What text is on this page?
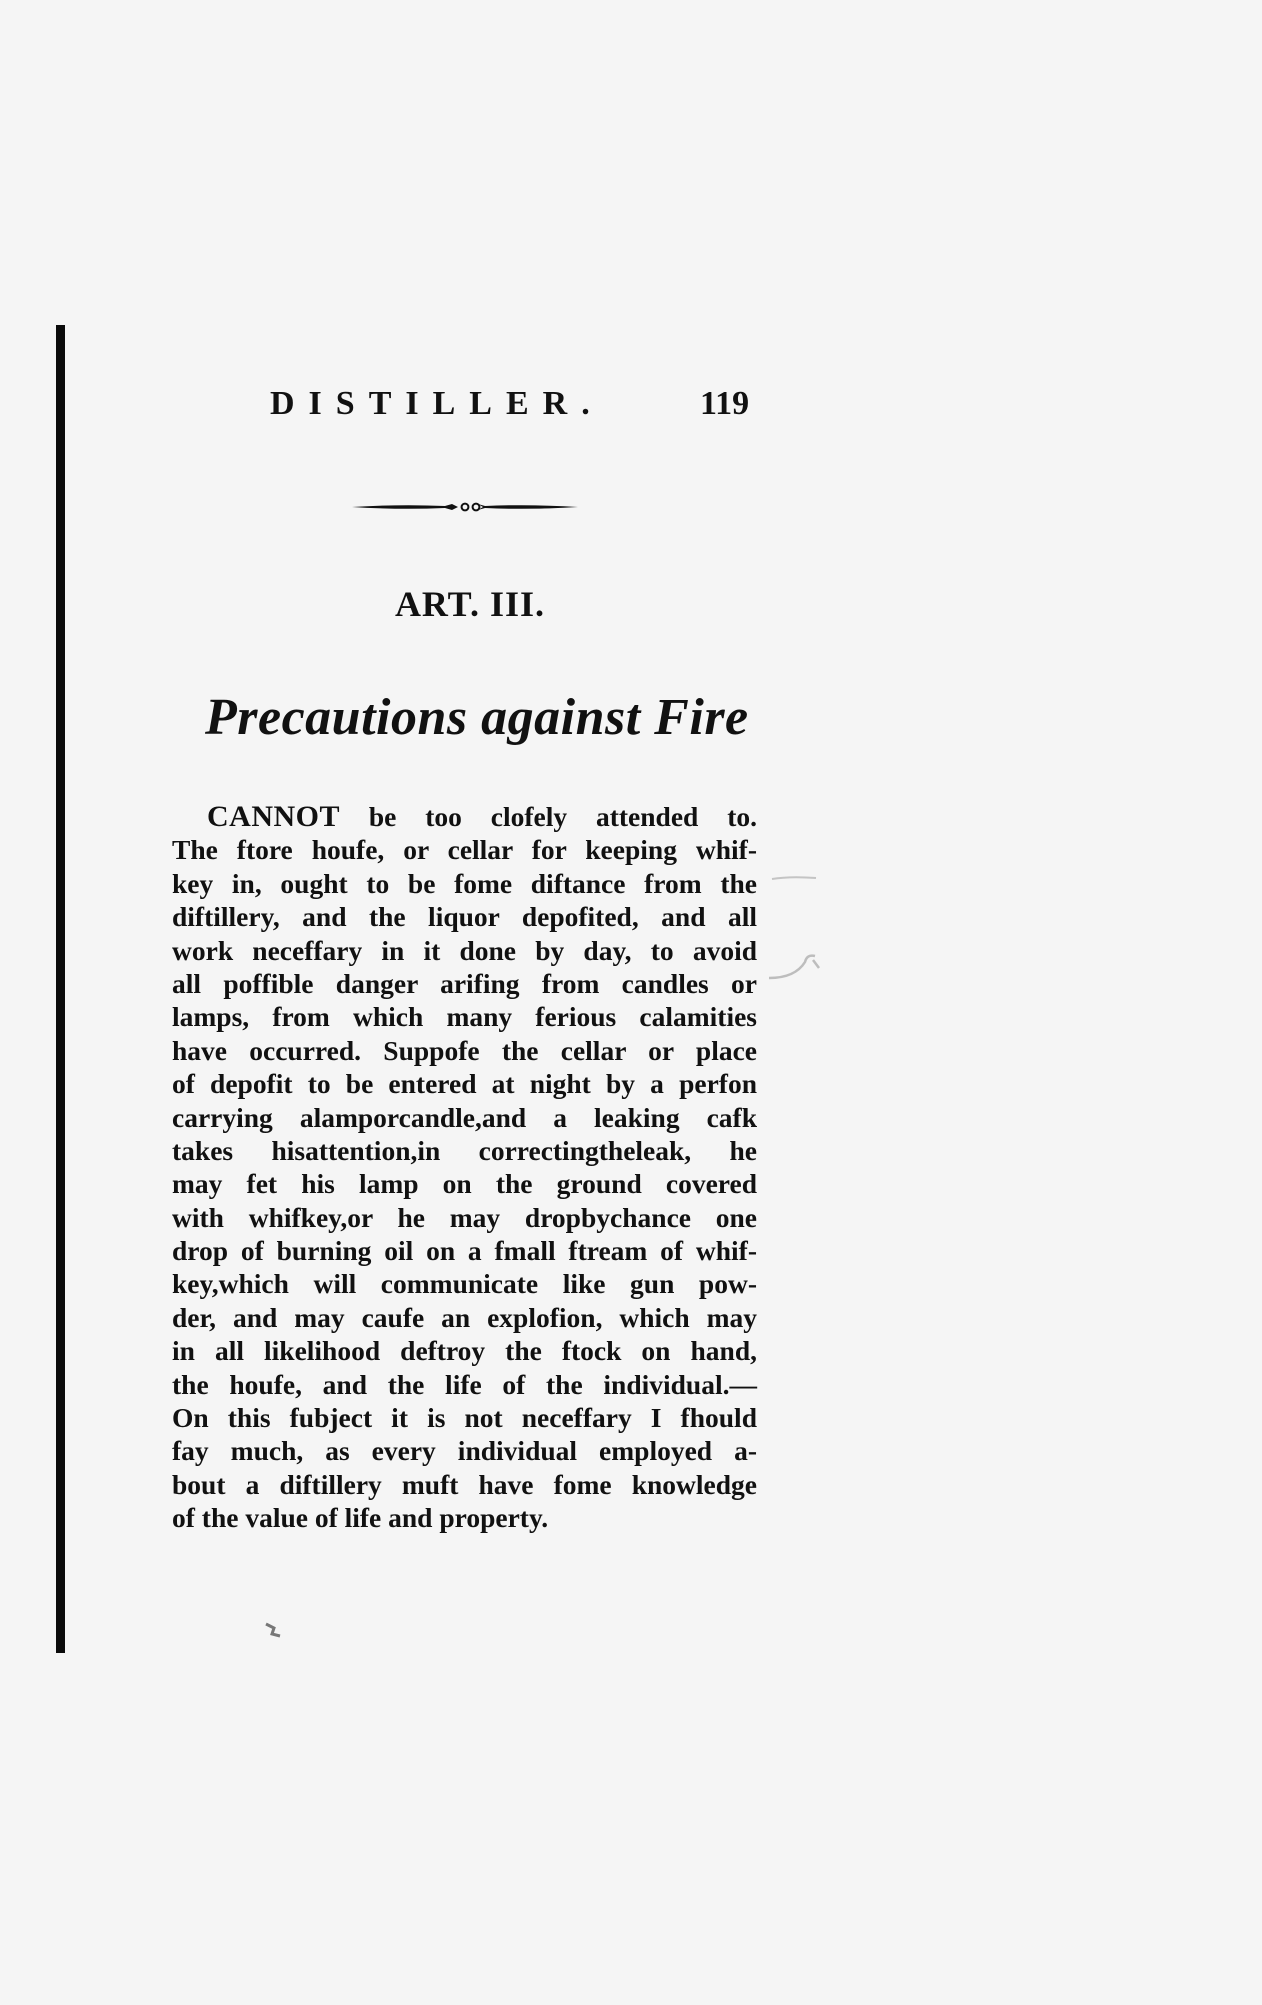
DISTILLER.	119
ART. III.
Precautions against Fire
CANNOT be too clofely attended to.
The ftore houfe, or cellar for keeping whif-
key in, ought to be fome diftance from the
diftillery, and the liquor depofited, and all
work neceffary in it done by day, to avoid
all poffible danger arifing from candles or
lamps, from which many ferious calamities
have occurred. Suppofe the cellar or place
of depofit to be entered at night by a perfon
carrying alamporcandle,and a leaking cafk
takes hisattention,in correctingtheleak, he
may fet his lamp on the ground covered
with whifkey,or he may dropbychance one
drop of burning oil on a fmall ftream of whif-
key,which will communicate like gun pow-
der, and may caufe an explofion, which may
in all likelihood deftroy the ftock on hand,
the houfe, and the life of the individual.—
On this fubject it is not neceffary I fhould
fay much, as every individual employed a-
bout a diftillery muft have fome knowledge
of the value of life and property.
